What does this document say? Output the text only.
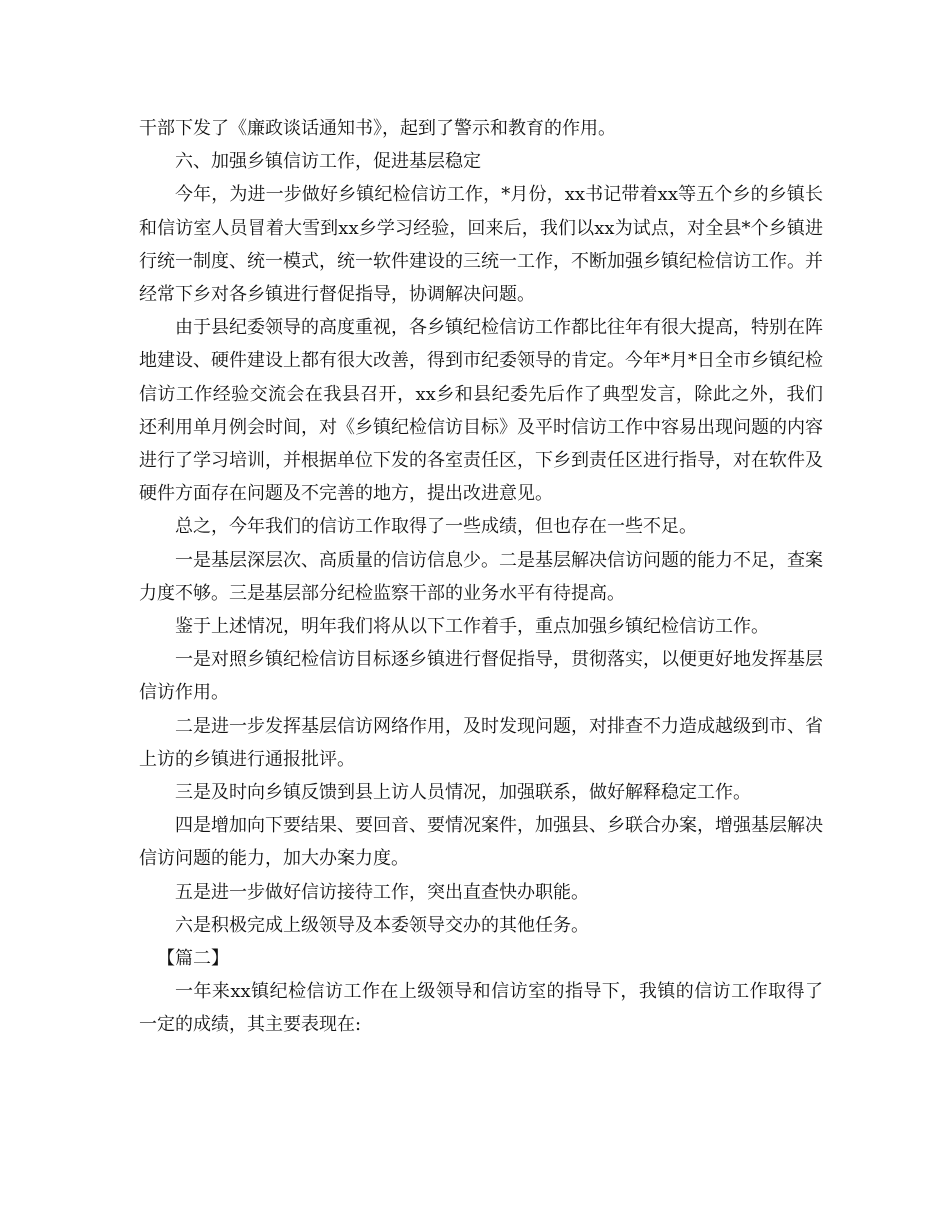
干部下发了《廉政谈话通知书》，起到了警示和教育的作用。

六、加强乡镇信访工作，促进基层稳定

今年，为进一步做好乡镇纪检信访工作，*月份，xx书记带着xx等五个乡的乡镇长和信访室人员冒着大雪到xx乡学习经验，回来后，我们以xx为试点，对全县*个乡镇进行统一制度、统一模式，统一软件建设的三统一工作，不断加强乡镇纪检信访工作。并经常下乡对各乡镇进行督促指导，协调解决问题。

由于县纪委领导的高度重视，各乡镇纪检信访工作都比往年有很大提高，特别在阵地建设、硬件建设上都有很大改善，得到市纪委领导的肯定。今年*月*日全市乡镇纪检信访工作经验交流会在我县召开，xx乡和县纪委先后作了典型发言，除此之外，我们还利用单月例会时间，对《乡镇纪检信访目标》及平时信访工作中容易出现问题的内容进行了学习培训，并根据单位下发的各室责任区，下乡到责任区进行指导，对在软件及硬件方面存在问题及不完善的地方，提出改进意见。

总之，今年我们的信访工作取得了一些成绩，但也存在一些不足。

一是基层深层次、高质量的信访信息少。二是基层解决信访问题的能力不足，查案力度不够。三是基层部分纪检监察干部的业务水平有待提高。

鉴于上述情况，明年我们将从以下工作着手，重点加强乡镇纪检信访工作。

一是对照乡镇纪检信访目标逐乡镇进行督促指导，贯彻落实，以便更好地发挥基层信访作用。

二是进一步发挥基层信访网络作用，及时发现问题，对排查不力造成越级到市、省上访的乡镇进行通报批评。

三是及时向乡镇反馈到县上访人员情况，加强联系，做好解释稳定工作。

四是增加向下要结果、要回音、要情况案件，加强县、乡联合办案，增强基层解决信访问题的能力，加大办案力度。

五是进一步做好信访接待工作，突出直查快办职能。

六是积极完成上级领导及本委领导交办的其他任务。

【篇二】

一年来xx镇纪检信访工作在上级领导和信访室的指导下，我镇的信访工作取得了一定的成绩，其主要表现在:
